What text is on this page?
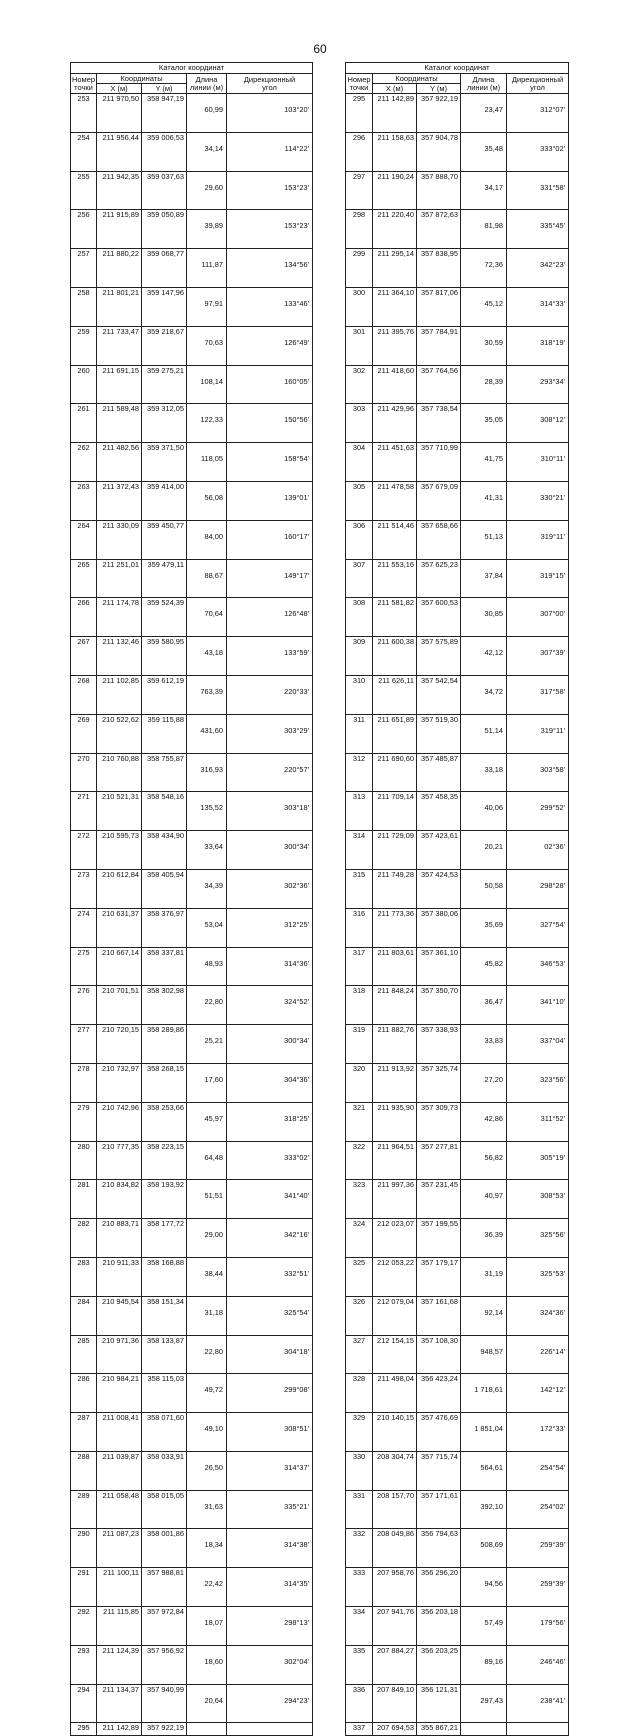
60
Каталог координат				
Номер
точки	Координаты		Длина
линии (м)	Дирекционный
угол
	X (м)	Y (м)		
253	211 970,50	358 947,19	60,99	103°20'
254	211 956,44	359 006,53	34,14	114°22'
255	211 942,35	359 037,63	29,60	153°23'
256	211 915,89	359 050,89	39,89	153°23'
257	211 880,22	359 068,77	111,87	134°56'
258	211 801,21	359 147,96	97,91	133°46'
259	211 733,47	359 218,67	70,63	126°49'
260	211 691,15	359 275,21	108,14	160°05'
261	211 589,48	359 312,05	122,33	150°56'
262	211 482,56	359 371,50	118,05	158°54'
263	211 372,43	359 414,00	56,08	139°01'
264	211 330,09	359 450,77	84,00	160°17'
265	211 251,01	359 479,11	88,67	149°17'
266	211 174,78	359 524,39	70,64	126°48'
267	211 132,46	359 580,95	43,18	133°59'
268	211 102,85	359 612,19	763,39	220°33'
269	210 522,62	359 115,88	431,60	303°29'
270	210 760,88	358 755,87	316,93	220°57'
271	210 521,31	358 548,16	135,52	303°18'
272	210 595,73	358 434,90	33,64	300°34'
273	210 612,84	358 405,94	34,39	302°36'
274	210 631,37	358 376,97	53,04	312°25'
275	210 667,14	358 337,81	48,93	314°36'
276	210 701,51	358 302,98	22,80	324°52'
277	210 720,15	358 289,86	25,21	300°34'
278	210 732,97	358 268,15	17,60	304°36'
279	210 742,96	358 253,66	45,97	318°25'
280	210 777,35	358 223,15	64,48	333°02'
281	210 834,82	358 193,92	51,51	341°40'
282	210 883,71	358 177,72	29,00	342°16'
283	210 911,33	358 168,88	38,44	332°51'
284	210 945,54	358 151,34	31,18	325°54'
285	210 971,36	358 133,87	22,80	304°18'
286	210 984,21	358 115,03	49,72	299°08'
287	211 008,41	358 071,60	49,10	308°51'
288	211 039,87	358 033,91	26,50	314°37'
289	211 058,48	358 015,05	31,63	335°21'
290	211 087,23	358 001,86	18,34	314°38'
291	211 100,11	357 988,81	22,42	314°35'
292	211 115,85	357 972,84	18,07	298°13'
293	211 124,39	357 956,92	18,60	302°04'
294	211 134,37	357 940,99	20,64	294°23'
295	211 142,89	357 922,19		
Каталог координат				
Номер
точки	Координаты		Длина
линии (м)	Дирекционный
угол
	X (м)	Y (м)		
295	211 142,89	357 922,19	23,47	312°07'
296	211 158,63	357 904,78	35,48	333°02'
297	211 190,24	357 888,70	34,17	331°58'
298	211 220,40	357 872,63	81,98	335°45'
299	211 295,14	357 838,95	72,36	342°23'
300	211 364,10	357 817,06	45,12	314°33'
301	211 395,76	357 784,91	30,59	318°19'
302	211 418,60	357 764,56	28,39	293°34'
303	211 429,96	357 738,54	35,05	308°12'
304	211 451,63	357 710,99	41,75	310°11'
305	211 478,58	357 679,09	41,31	330°21'
306	211 514,46	357 658,66	51,13	319°11'
307	211 553,16	357 625,23	37,84	319°15'
308	211 581,82	357 600,53	30,85	307°00'
309	211 600,38	357 575,89	42,12	307°39'
310	211 626,11	357 542,54	34,72	317°58'
311	211 651,89	357 519,30	51,14	319°11'
312	211 690,60	357 485,87	33,18	303°58'
313	211 709,14	357 458,35	40,06	299°52'
314	211 729,09	357 423,61	20,21	02°36'
315	211 749,28	357 424,53	50,58	298°28'
316	211 773,36	357 380,06	35,69	327°54'
317	211 803,61	357 361,10	45,82	346°53'
318	211 848,24	357 350,70	36,47	341°10'
319	211 882,76	357 338,93	33,83	337°04'
320	211 913,92	357 325,74	27,20	323°56'
321	211 935,90	357 309,73	42,86	311°52'
322	211 964,51	357 277,81	56,82	305°19'
323	211 997,36	357 231,45	40,97	308°53'
324	212 023,07	357 199,55	36,39	325°56'
325	212 053,22	357 179,17	31,19	325°53'
326	212 079,04	357 161,68	92,14	324°36'
327	212 154,15	357 108,30	948,57	226°14'
328	211 498,04	356 423,24	1 718,61	142°12'
329	210 140,15	357 476,69	1 851,04	172°33'
330	208 304,74	357 715,74	564,61	254°54'
331	208 157,70	357 171,61	392,10	254°02'
332	208 049,86	356 794,63	508,69	259°39'
333	207 958,76	356 296,20	94,56	259°39'
334	207 941,76	356 203,18	57,49	179°56'
335	207 884,27	356 203,25	89,16	246°46'
336	207 849,10	356 121,31	297,43	238°41'
337	207 694,53	355 867,21		
